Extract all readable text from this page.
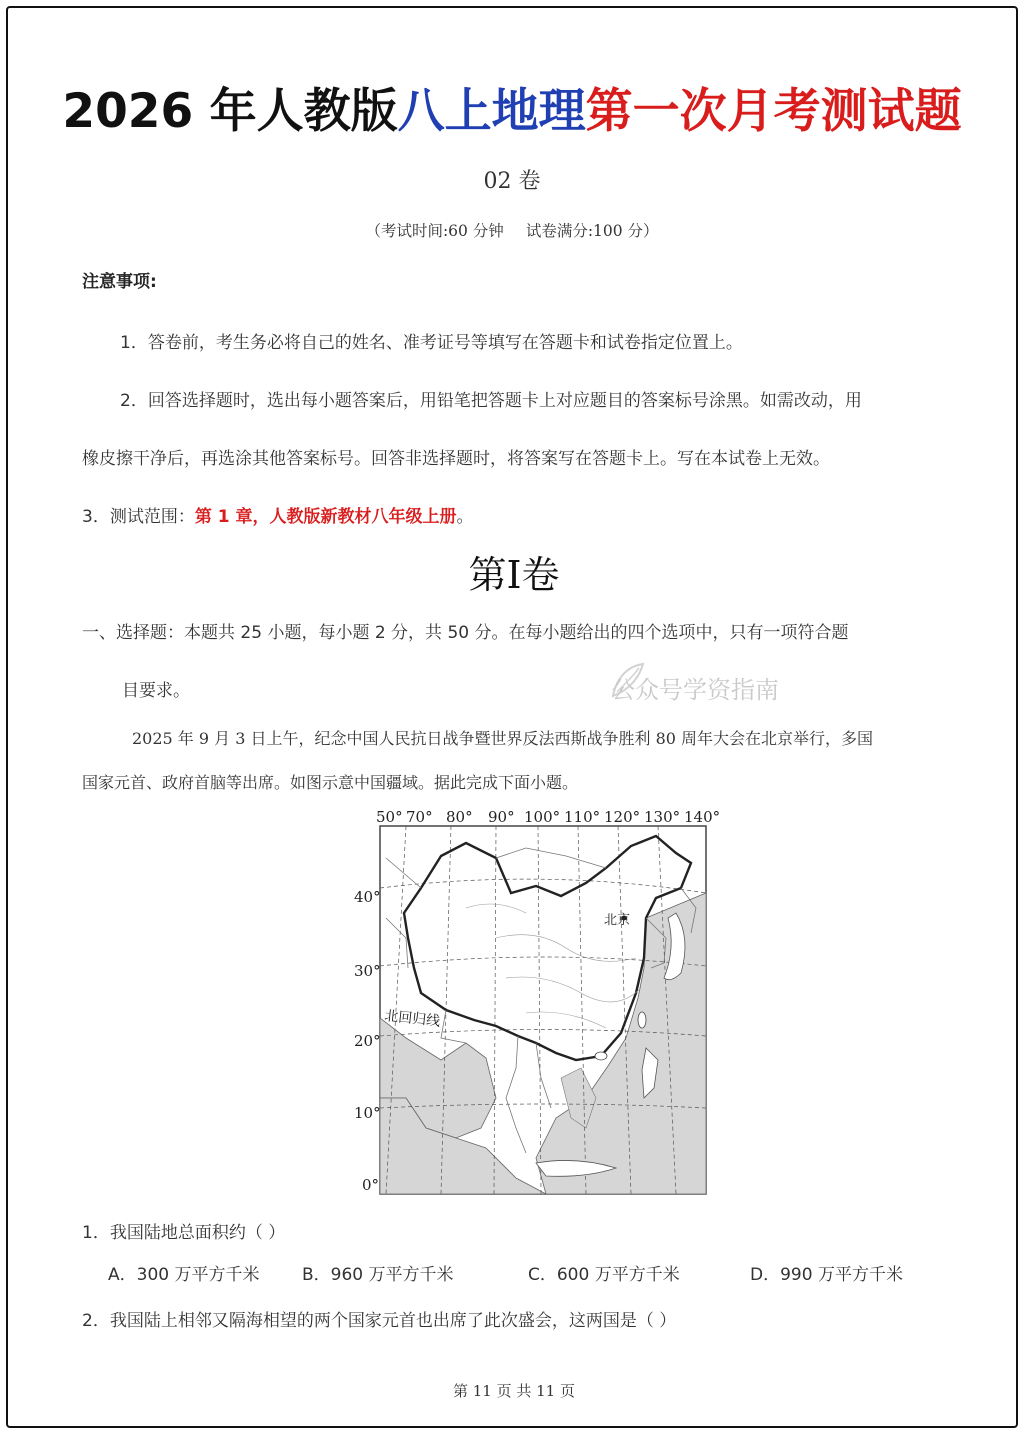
2026 年人教版八上地理第一次月考测试题
02 卷
（考试时间:60 分钟 试卷满分:100 分）
注意事项:
1．答卷前，考生务必将自己的姓名、准考证号等填写在答题卡和试卷指定位置上。
2．回答选择题时，选出每小题答案后，用铅笔把答题卡上对应题目的答案标号涂黑。如需改动，用
橡皮擦干净后，再选涂其他答案标号。回答非选择题时，将答案写在答题卡上。写在本试卷上无效。
3．测试范围：第 1 章，人教版新教材八年级上册。
第Ⅰ卷
一、选择题：本题共 25 小题，每小题 2 分，共 50 分。在每小题给出的四个选项中，只有一项符合题
目要求。	公众号学资指南
2025 年 9 月 3 日上午，纪念中国人民抗日战争暨世界反法西斯战争胜利 80 周年大会在北京举行，多国
国家元首、政府首脑等出席。如图示意中国疆域。据此完成下面小题。
北京
北回归线
50° 70° 80° 90° 100° 110° 120° 130° 140°
40°
30°
20°
10°
0°
1．我国陆地总面积约（ ）
A．300 万平方千米	B．960 万平方千米	C．600 万平方千米	D．990 万平方千米
2．我国陆上相邻又隔海相望的两个国家元首也出席了此次盛会，这两国是（ ）
第 11 页 共 11 页
